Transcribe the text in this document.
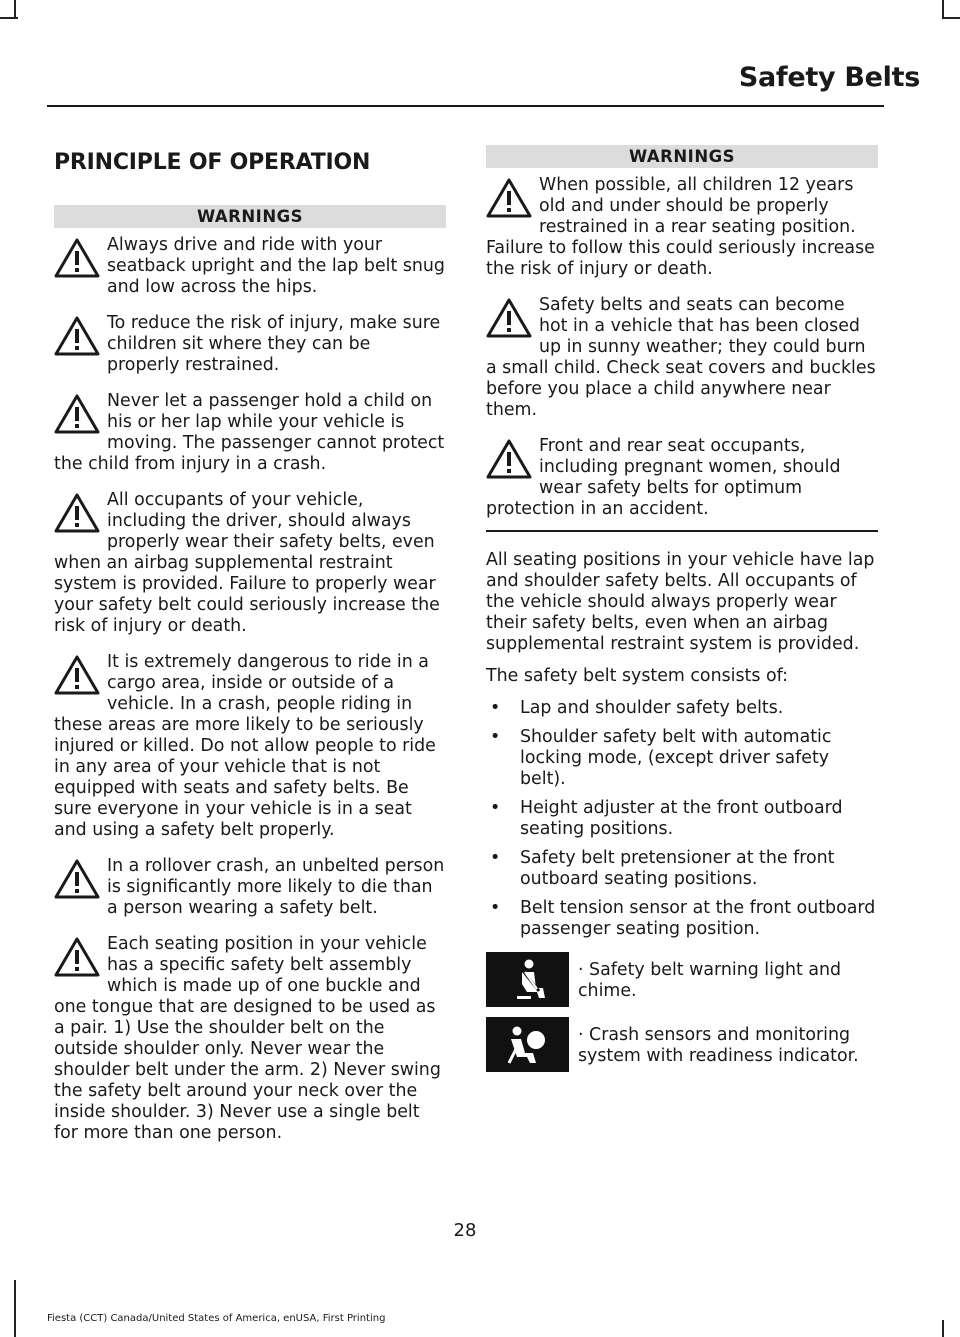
Safety Belts
PRINCIPLE OF OPERATION
WARNINGS
Always drive and ride with your seatback upright and the lap belt snug and low across the hips.
To reduce the risk of injury, make sure children sit where they can be properly restrained.
Never let a passenger hold a child on his or her lap while your vehicle is moving. The passenger cannot protect the child from injury in a crash.
All occupants of your vehicle, including the driver, should always properly wear their safety belts, even when an airbag supplemental restraint system is provided. Failure to properly wear your safety belt could seriously increase the risk of injury or death.
It is extremely dangerous to ride in a cargo area, inside or outside of a vehicle. In a crash, people riding in these areas are more likely to be seriously injured or killed. Do not allow people to ride in any area of your vehicle that is not equipped with seats and safety belts. Be sure everyone in your vehicle is in a seat and using a safety belt properly.
In a rollover crash, an unbelted person is significantly more likely to die than a person wearing a safety belt.
Each seating position in your vehicle has a specific safety belt assembly which is made up of one buckle and one tongue that are designed to be used as a pair. 1) Use the shoulder belt on the outside shoulder only. Never wear the shoulder belt under the arm. 2) Never swing the safety belt around your neck over the inside shoulder. 3) Never use a single belt for more than one person.
WARNINGS
When possible, all children 12 years old and under should be properly restrained in a rear seating position. Failure to follow this could seriously increase the risk of injury or death.
Safety belts and seats can become hot in a vehicle that has been closed up in sunny weather; they could burn a small child. Check seat covers and buckles before you place a child anywhere near them.
Front and rear seat occupants, including pregnant women, should wear safety belts for optimum protection in an accident.

All seating positions in your vehicle have lap and shoulder safety belts. All occupants of the vehicle should always properly wear their safety belts, even when an airbag supplemental restraint system is provided.

The safety belt system consists of:

• Lap and shoulder safety belts.
• Shoulder safety belt with automatic locking mode, (except driver safety belt).
• Height adjuster at the front outboard seating positions.
• Safety belt pretensioner at the front outboard seating positions.
• Belt tension sensor at the front outboard passenger seating position.
· Safety belt warning light and chime.
· Crash sensors and monitoring system with readiness indicator.
28
Fiesta (CCT) Canada/United States of America, enUSA, First Printing
